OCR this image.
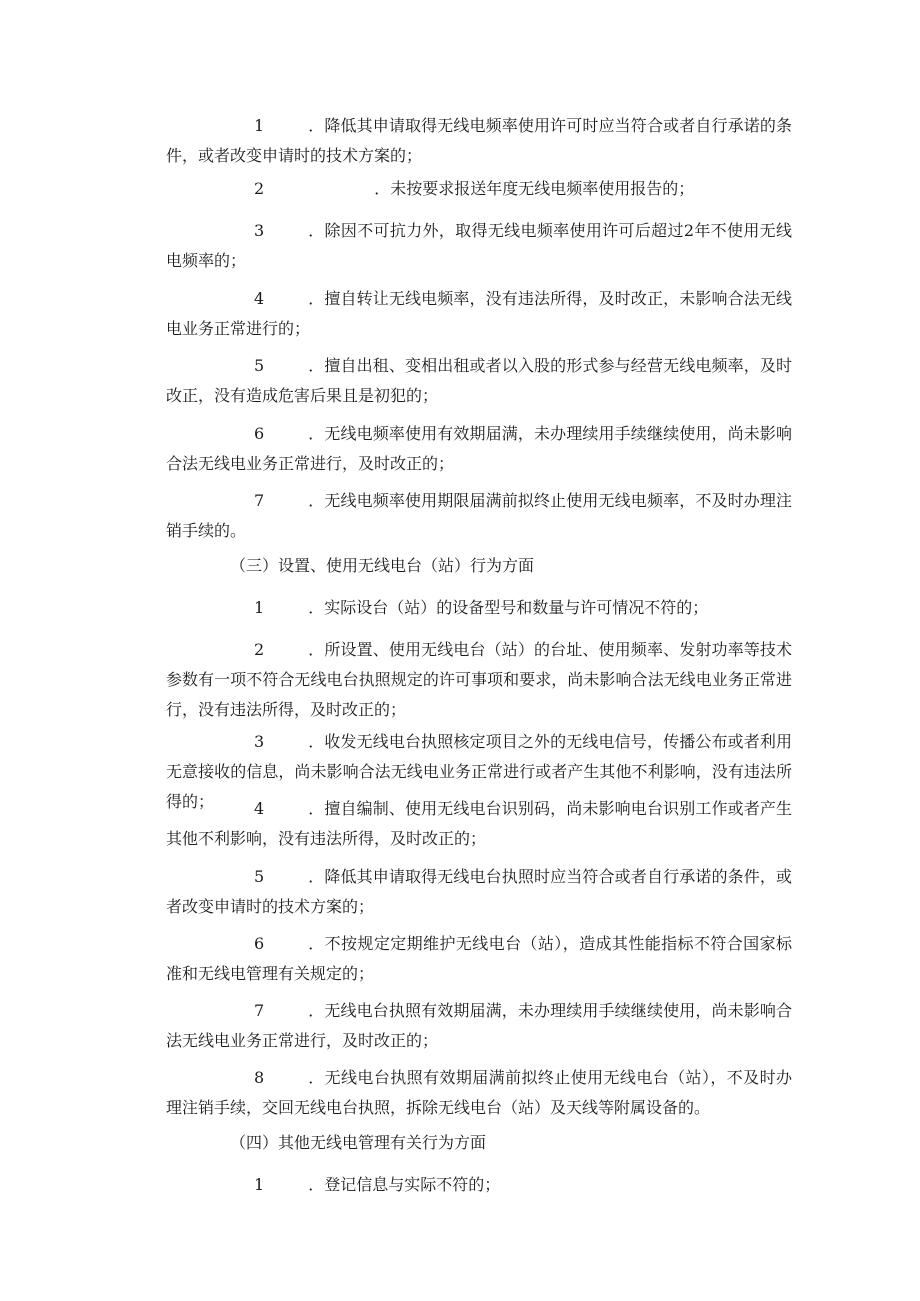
1	．降低其申请取得无线电频率使用许可时应当符合或者自行承诺的条件，或者改变申请时的技术方案的；

2	．未按要求报送年度无线电频率使用报告的；

3	．除因不可抗力外，取得无线电频率使用许可后超过2年不使用无线电频率的；

4	．擅自转让无线电频率，没有违法所得，及时改正，未影响合法无线电业务正常进行的；

5	．擅自出租、变相出租或者以入股的形式参与经营无线电频率，及时改正，没有造成危害后果且是初犯的；

6	．无线电频率使用有效期届满，未办理续用手续继续使用，尚未影响合法无线电业务正常进行，及时改正的；

7	．无线电频率使用期限届满前拟终止使用无线电频率，不及时办理注销手续的。

（三）设置、使用无线电台（站）行为方面

1	．实际设台（站）的设备型号和数量与许可情况不符的；

2	．所设置、使用无线电台（站）的台址、使用频率、发射功率等技术参数有一项不符合无线电台执照规定的许可事项和要求，尚未影响合法无线电业务正常进行，没有违法所得，及时改正的；

3	．收发无线电台执照核定项目之外的无线电信号，传播公布或者利用无意接收的信息，尚未影响合法无线电业务正常进行或者产生其他不利影响，没有违法所得的；	4	．擅自编制、使用无线电台识别码，尚未影响电台识别工作或者产生其他不利影响，没有违法所得，及时改正的；

5	．降低其申请取得无线电台执照时应当符合或者自行承诺的条件，或者改变申请时的技术方案的；

6	．不按规定定期维护无线电台（站），造成其性能指标不符合国家标准和无线电管理有关规定的；

7	．无线电台执照有效期届满，未办理续用手续继续使用，尚未影响合法无线电业务正常进行，及时改正的；

8	．无线电台执照有效期届满前拟终止使用无线电台（站），不及时办理注销手续，交回无线电台执照，拆除无线电台（站）及天线等附属设备的。

（四）其他无线电管理有关行为方面

1	．登记信息与实际不符的；
